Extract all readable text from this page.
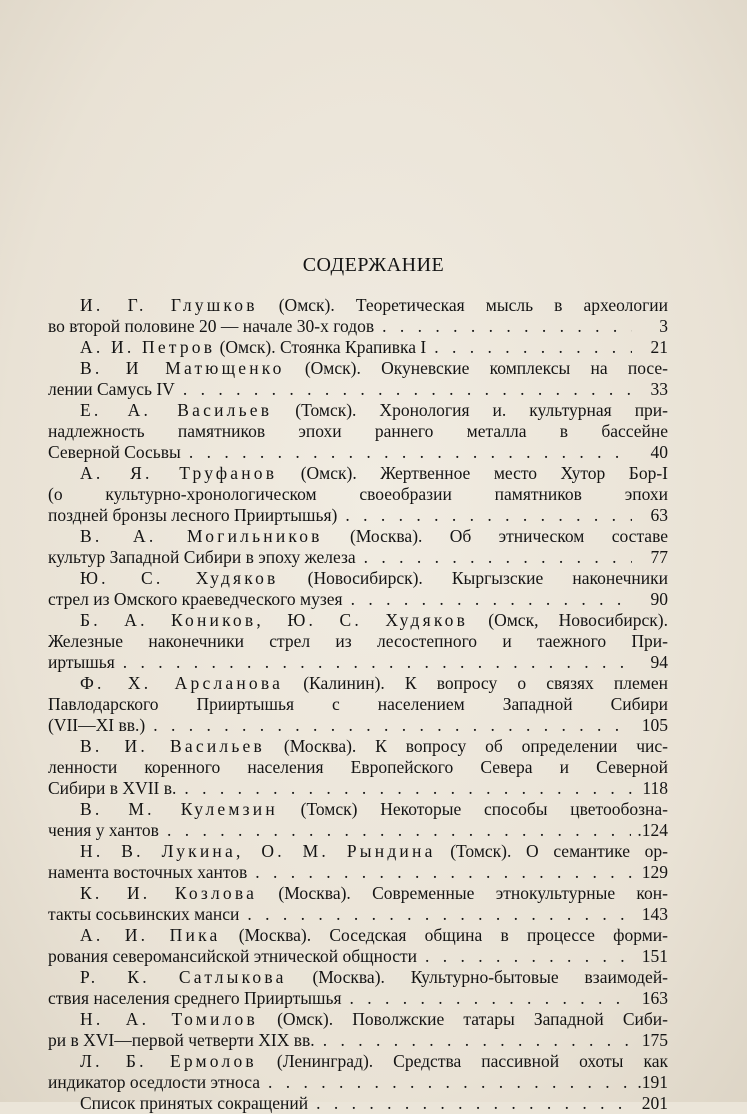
СОДЕРЖАНИЕ
И. Г. Глушков (Омск). Теоретическая мысль в археологии
во второй половине 20 — начале 30-х годов . . .	3
А. И. Петров (Омск). Стоянка Крапивка I . . .	21
В. И Матющенко (Омск). Окуневские комплексы на посе-
лении Самусь IV . . .	33
Е. А. Васильев (Томск). Хронология и. культурная при-
надлежность памятников эпохи раннего металла в бассейне
Северной Сосьвы . . .	40
А. Я. Труфанов (Омск). Жертвенное место Хутор Бор-I
(о культурно-хронологическом своеобразии памятников эпохи
поздней бронзы лесного Прииртышья) . . .	63
В. А. Могильников (Москва). Об этническом составе
культур Западной Сибири в эпоху железа . . .	77
Ю. С. Худяков (Новосибирск). Кыргызские наконечники
стрел из Омского краеведческого музея . . .	90
Б. А. Коников, Ю. С. Худяков (Омск, Новосибирск).
Железные наконечники стрел из лесостепного и таежного При-
иртышья . . .	94
Ф. Х. Арсланова (Калинин). К вопросу о связях племен
Павлодарского Прииртышья с населением Западной Сибири
(VII—XI вв.) . . .	105
В. И. Васильев (Москва). К вопросу об определении чис-
ленности коренного населения Европейского Севера и Северной
Сибири в XVII в. . . .	118
В. М. Кулемзин (Томск) Некоторые способы цветообозна-
чения у хантов . . .	.124
Н. В. Лукина, О. М. Рындина (Томск). О семантике ор-
намента восточных хантов . . .	129
К. И. Козлова (Москва). Современные этнокультурные кон-
такты сосьвинских манси . . .	143
А. И. Пика (Москва). Соседская община в процессе форми-
рования северомансийской этнической общности . . .	151
Р. К. Сатлыкова (Москва). Культурно-бытовые взаимодей-
ствия населения среднего Прииртышья . . .	163
Н. А. Томилов (Омск). Поволжские татары Западной Сиби-
ри в XVI—первой четверти XIX вв. . . .	175
Л. Б. Ермолов (Ленинград). Средства пассивной охоты как
индикатор оседлости этноса . . .	.191
Список принятых сокращений . . .	201
